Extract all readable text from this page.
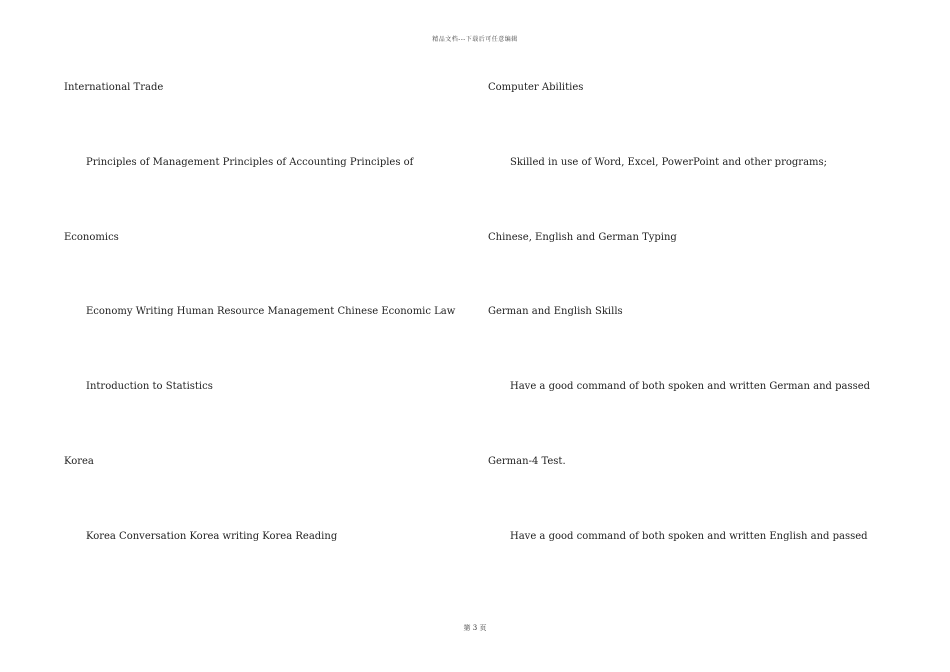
精品文档---下载后可任意编辑
International Trade
Principles of Management Principles of Accounting Principles of
Economics
Economy Writing Human Resource Management Chinese Economic Law
Introduction to Statistics
Korea
Korea Conversation Korea writing Korea Reading
Computer Abilities
Skilled in use of Word, Excel, PowerPoint and other programs;
Chinese, English and German Typing
German and English Skills
Have a good command of both spoken and written German and passed
German-4 Test.
Have a good command of both spoken and written English and passed
第 3 页
